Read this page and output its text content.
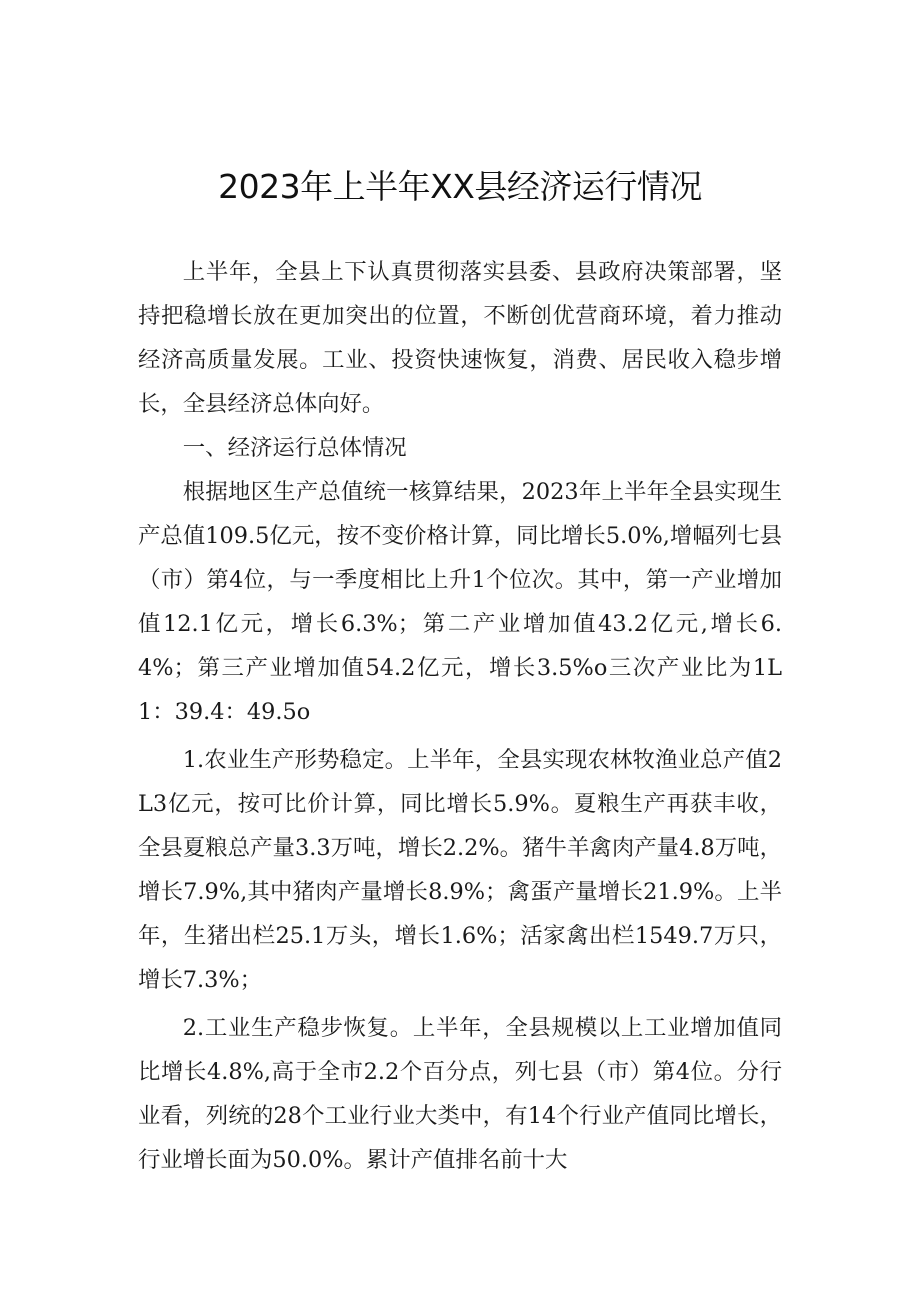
2023年上半年XX县经济运行情况

上半年，全县上下认真贯彻落实县委、县政府决策部署，坚持把稳增长放在更加突出的位置，不断创优营商环境，着力推动经济高质量发展。工业、投资快速恢复，消费、居民收入稳步增长，全县经济总体向好。

一、经济运行总体情况

根据地区生产总值统一核算结果，2023年上半年全县实现生产总值109.5亿元，按不变价格计算，同比增长5.0%,增幅列七县（市）第4位，与一季度相比上升1个位次。其中，第一产业增加值12.1亿元，增长6.3%；第二产业增加值43.2亿元,增长6.4%；第三产业增加值54.2亿元，增长3.5%o三次产业比为1L1：39.4：49.5o

1.农业生产形势稳定。上半年，全县实现农林牧渔业总产值2L3亿元，按可比价计算，同比增长5.9%。夏粮生产再获丰收，全县夏粮总产量3.3万吨，增长2.2%。猪牛羊禽肉产量4.8万吨，增长7.9%,其中猪肉产量增长8.9%；禽蛋产量增长21.9%。上半年，生猪出栏25.1万头，增长1.6%；活家禽出栏1549.7万只，增长7.3%；

2.工业生产稳步恢复。上半年，全县规模以上工业增加值同比增长4.8%,高于全市2.2个百分点，列七县（市）第4位。分行业看，列统的28个工业行业大类中，有14个行业产值同比增长，行业增长面为50.0%。累计产值排名前十大
